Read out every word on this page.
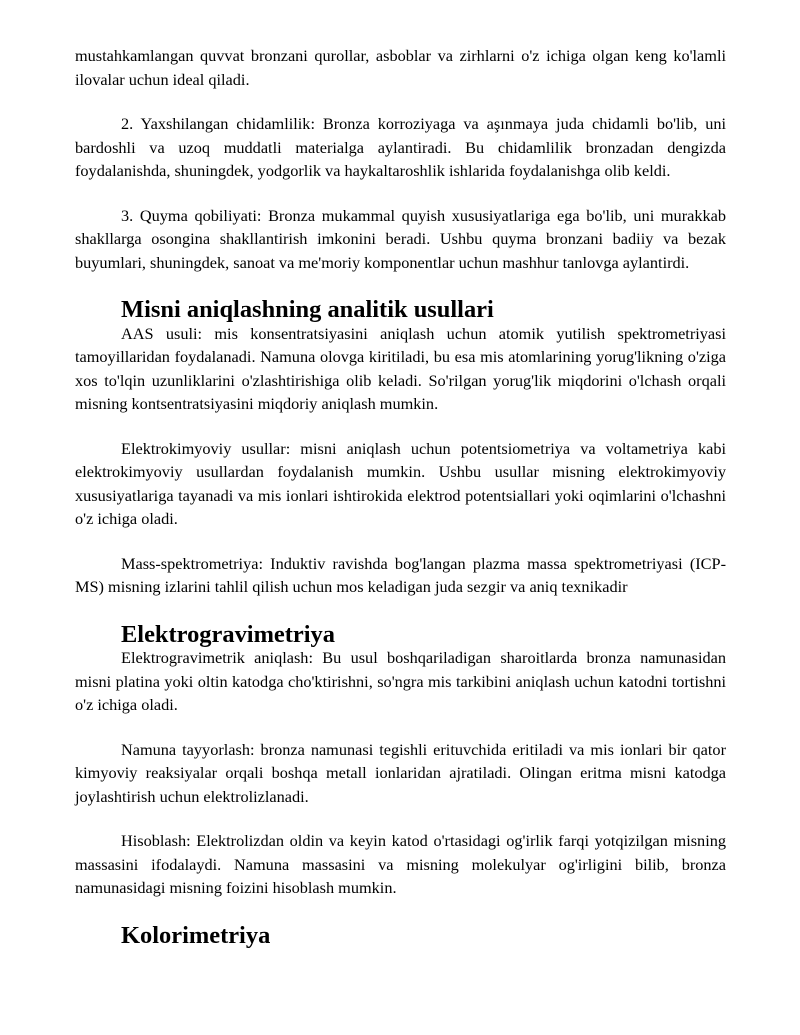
mustahkamlangan quvvat bronzani qurollar, asboblar va zirhlarni o'z ichiga olgan keng ko'lamli ilovalar uchun ideal qiladi.

2. Yaxshilangan chidamlilik: Bronza korroziyaga va aşınmaya juda chidamli bo'lib, uni bardoshli va uzoq muddatli materialga aylantiradi. Bu chidamlilik bronzadan dengizda foydalanishda, shuningdek, yodgorlik va haykaltaroshlik ishlarida foydalanishga olib keldi.

3. Quyma qobiliyati: Bronza mukammal quyish xususiyatlariga ega bo'lib, uni murakkab shakllarga osongina shakllantirish imkonini beradi. Ushbu quyma bronzani badiiy va bezak buyumlari, shuningdek, sanoat va me'moriy komponentlar uchun mashhur tanlovga aylantirdi.

Misni aniqlashning analitik usullari

AAS usuli: mis konsentratsiyasini aniqlash uchun atomik yutilish spektrometriyasi tamoyillaridan foydalanadi. Namuna olovga kiritiladi, bu esa mis atomlarining yorug'likning o'ziga xos to'lqin uzunliklarini o'zlashtirishiga olib keladi. So'rilgan yorug'lik miqdorini o'lchash orqali misning kontsentratsiyasini miqdoriy aniqlash mumkin.

Elektrokimyoviy usullar: misni aniqlash uchun potentsiometriya va voltametriya kabi elektrokimyoviy usullardan foydalanish mumkin. Ushbu usullar misning elektrokimyoviy xususiyatlariga tayanadi va mis ionlari ishtirokida elektrod potentsiallari yoki oqimlarini o'lchashni o'z ichiga oladi.

Mass-spektrometriya: Induktiv ravishda bog'langan plazma massa spektrometriyasi (ICP-MS) misning izlarini tahlil qilish uchun mos keladigan juda sezgir va aniq texnikadir

Elektrogravimetriya

Elektrogravimetrik aniqlash: Bu usul boshqariladigan sharoitlarda bronza namunasidan misni platina yoki oltin katodga cho'ktirishni, so'ngra mis tarkibini aniqlash uchun katodni tortishni o'z ichiga oladi.

Namuna tayyorlash: bronza namunasi tegishli erituvchida eritiladi va mis ionlari bir qator kimyoviy reaksiyalar orqali boshqa metall ionlaridan ajratiladi. Olingan eritma misni katodga joylashtirish uchun elektrolizlanadi.

Hisoblash: Elektrolizdan oldin va keyin katod o'rtasidagi og'irlik farqi yotqizilgan misning massasini ifodalaydi. Namuna massasini va misning molekulyar og'irligini bilib, bronza namunasidagi misning foizini hisoblash mumkin.

Kolorimetriya
